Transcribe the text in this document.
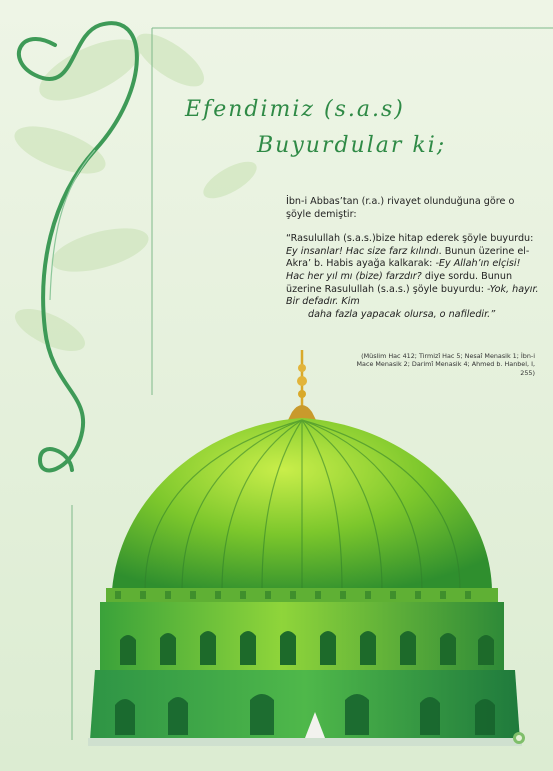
Efendimiz (s.a.s)
Buyurdular ki;

İbn-i Abbas’tan (r.a.) rivayet olunduğuna göre o şöyle demiştir:

“Rasulullah (s.a.s.)bize hitap ederek şöyle buyurdu: Ey insanlar! Hac size farz kılındı. Bunun üzerine el-Akra’ b. Habis ayağa kalkarak: -Ey Allah’ın elçisi! Hac her yıl mı (bize) farzdır? diye sordu. Bunun üzerine Rasulullah (s.a.s.) şöyle buyurdu: -Yok, hayır. Bir defadır. Kim
daha fazla yapacak olursa, o nafiledir.”

(Müslim Hac 412; Tirmizî Hac 5; Nesaî Menasik 1; İbn-i Mace Menasik 2; Darimî Menasik 4; Ahmed b. Hanbel, I, 255)
